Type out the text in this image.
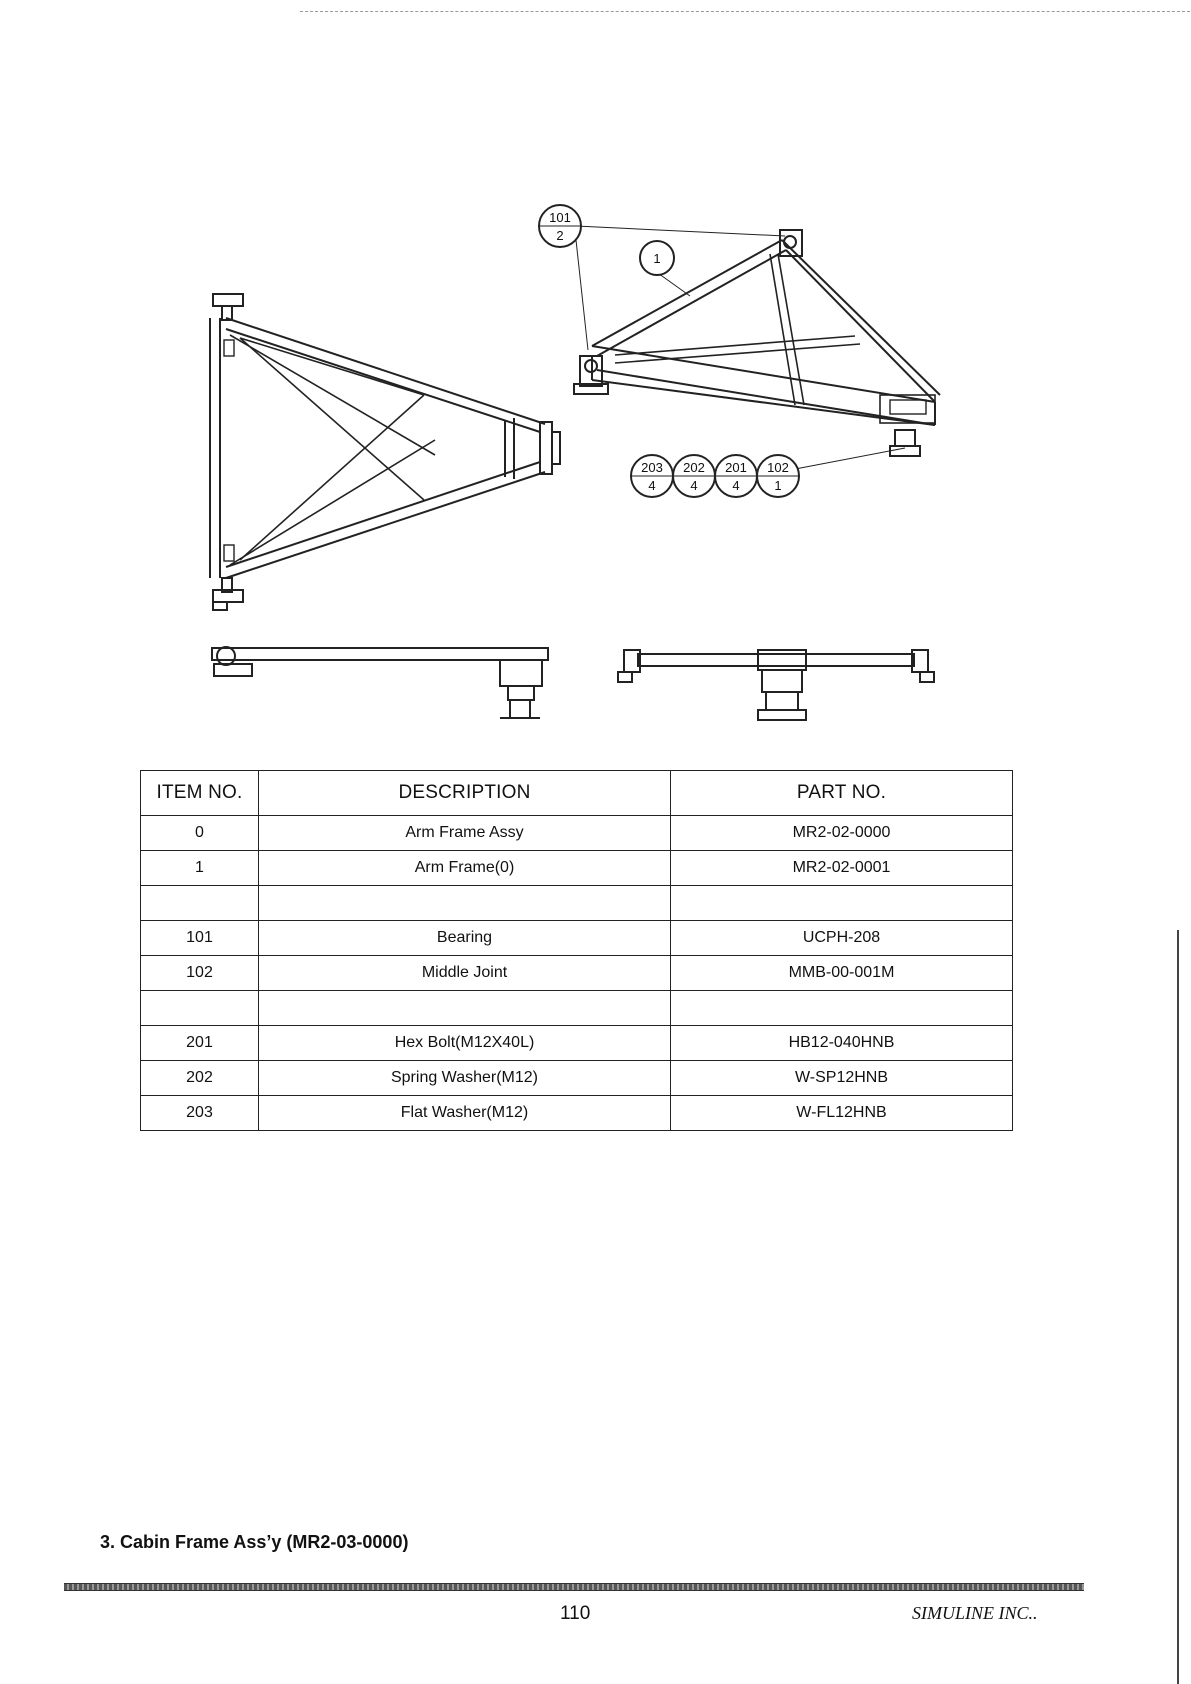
101
2
1
203
4
202
4
201
4
102
1
ITEM NO.	DESCRIPTION	PART NO.
0	Arm Frame Assy	MR2-02-0000
1	Arm Frame(0)	MR2-02-0001

101	Bearing	UCPH-208
102	Middle Joint	MMB-00-001M

201	Hex Bolt(M12X40L)	HB12-040HNB
202	Spring Washer(M12)	W-SP12HNB
203	Flat Washer(M12)	W-FL12HNB
3. Cabin Frame Ass’y (MR2-03-0000)
110	SIMULINE INC..
